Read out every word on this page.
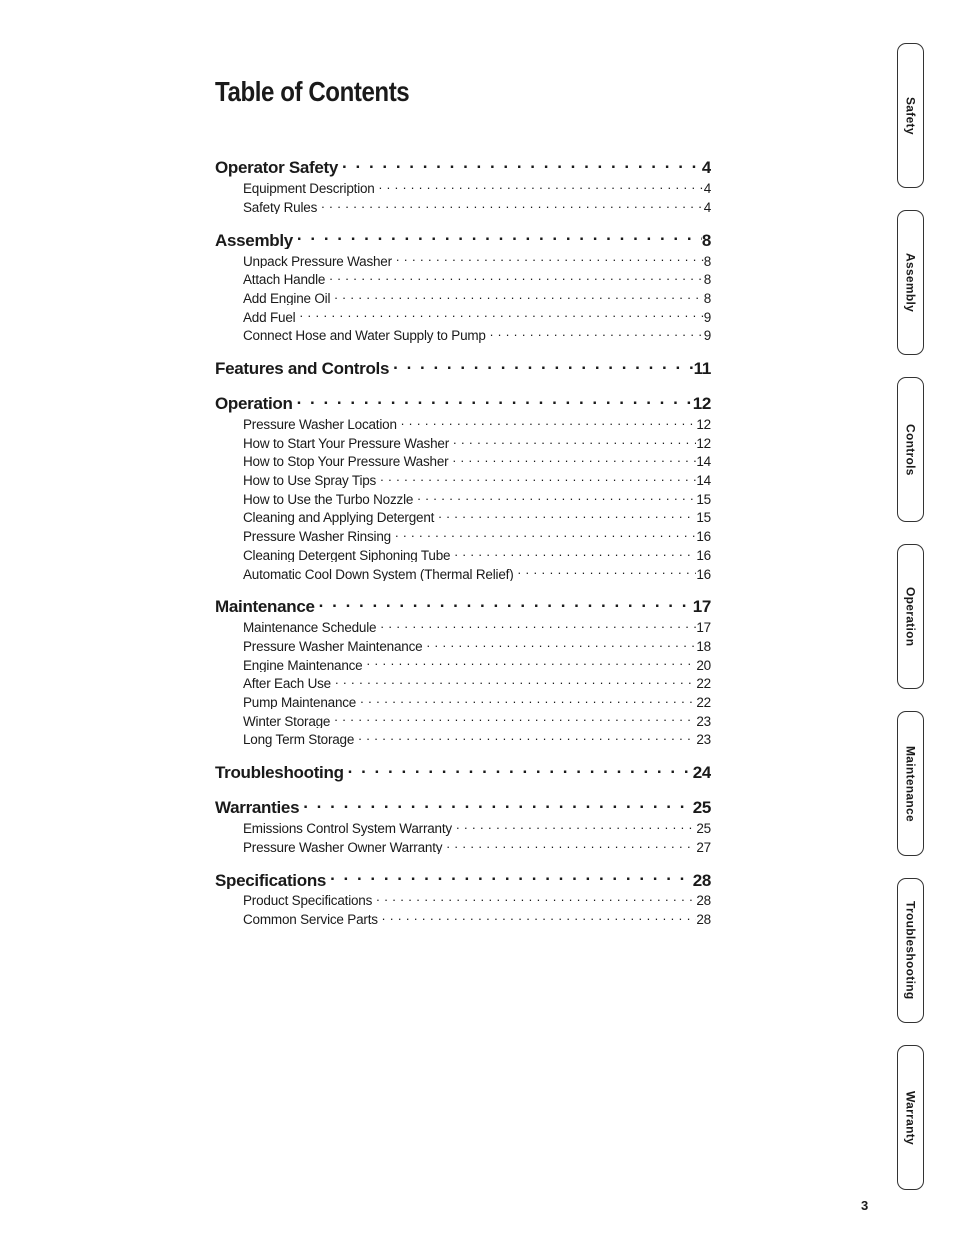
Table of Contents
Operator Safety . . .	4
Equipment Description . . .	4
Safety Rules . . .	4
Assembly . . .	8
Unpack Pressure Washer . . .	8
Attach Handle . . .	8
Add Engine Oil . . .	8
Add Fuel . . .	9
Connect Hose and Water Supply to Pump . . .	9
Features and Controls . . .	11
Operation . . .	12
Pressure Washer Location . . .	12
How to Start Your Pressure Washer . . .	12
How to Stop Your Pressure Washer . . .	14
How to Use Spray Tips . . .	14
How to Use the Turbo Nozzle . . .	15
Cleaning and Applying Detergent . . .	15
Pressure Washer Rinsing . . .	16
Cleaning Detergent Siphoning Tube . . .	16
Automatic Cool Down System (Thermal Relief) . . .	16
Maintenance . . .	17
Maintenance Schedule . . .	17
Pressure Washer Maintenance . . .	18
Engine Maintenance . . .	20
After Each Use . . .	22
Pump Maintenance . . .	22
Winter Storage . . .	23
Long Term Storage . . .	23
Troubleshooting . . .	24
Warranties . . .	25
Emissions Control System Warranty . . .	25
Pressure Washer Owner Warranty . . .	27
Specifications . . .	28
Product Specifications . . .	28
Common Service Parts . . .	28
Safety
Assembly
Controls
Operation
Maintenance
Troubleshooting
Warranty
3
